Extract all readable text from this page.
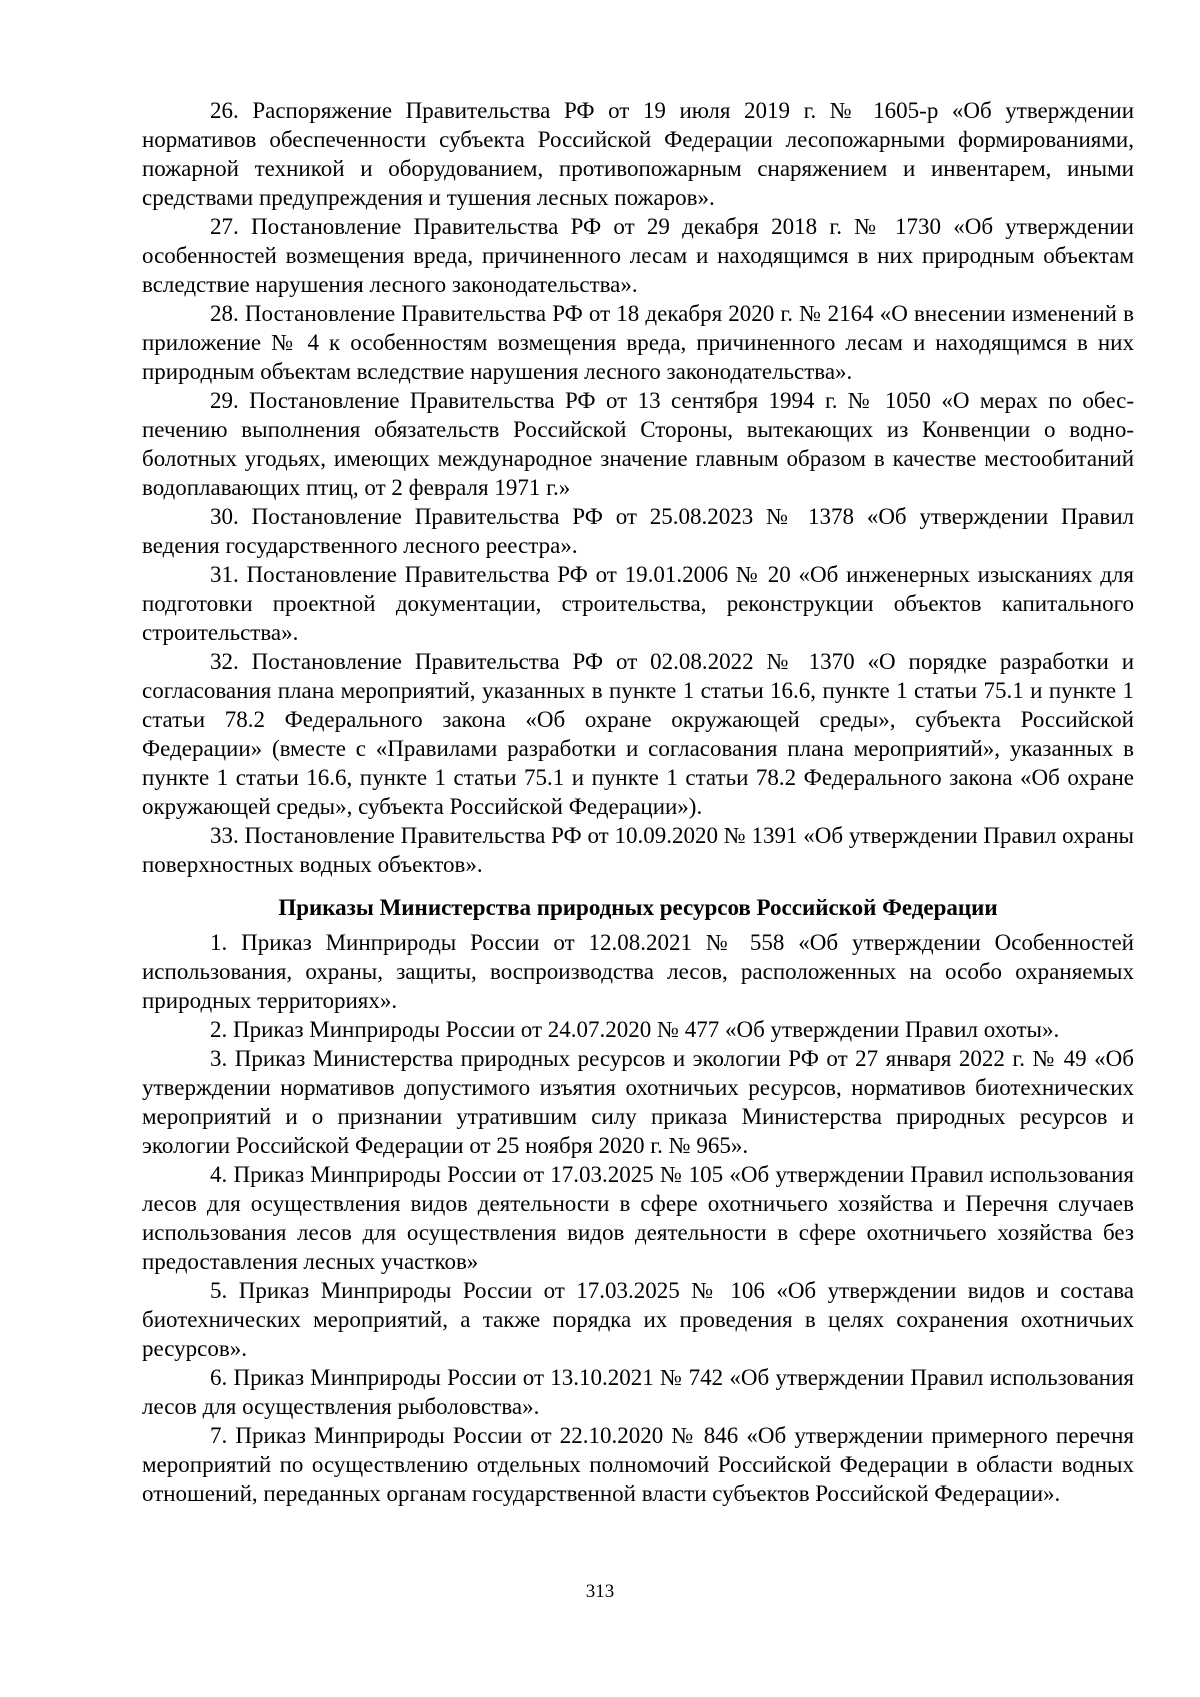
26. Распоряжение Правительства РФ от 19 июля 2019 г. № 1605-р «Об утверждении нормативов обеспеченности субъекта Российской Федерации лесопожарными формированиями, пожарной техникой и оборудованием, противопожарным снаряжением и инвентарем, иными средствами предупреждения и тушения лесных пожаров».

27. Постановление Правительства РФ от 29 декабря 2018 г. № 1730 «Об утверждении особенностей возмещения вреда, причиненного лесам и находящимся в них природным объектам вследствие нарушения лесного законодательства».

28. Постановление Правительства РФ от 18 декабря 2020 г. № 2164 «О внесении изменений в приложение № 4 к особенностям возмещения вреда, причиненного лесам и находящимся в них природным объектам вследствие нарушения лесного законодательства».

29. Постановление Правительства РФ от 13 сентября 1994 г. № 1050 «О мерах по обеспечению выполнения обязательств Российской Стороны, вытекающих из Конвенции о водноболотных угодьях, имеющих международное значение главным образом в качестве местообитаний водоплавающих птиц, от 2 февраля 1971 г.»

30. Постановление Правительства РФ от 25.08.2023 № 1378 «Об утверждении Правил ведения государственного лесного реестра».

31. Постановление Правительства РФ от 19.01.2006 № 20 «Об инженерных изысканиях для подготовки проектной документации, строительства, реконструкции объектов капитального строительства».

32. Постановление Правительства РФ от 02.08.2022 № 1370 «О порядке разработки и согласования плана мероприятий, указанных в пункте 1 статьи 16.6, пункте 1 статьи 75.1 и пункте 1 статьи 78.2 Федерального закона «Об охране окружающей среды», субъекта Российской Федерации» (вместе с «Правилами разработки и согласования плана мероприятий», указанных в пункте 1 статьи 16.6, пункте 1 статьи 75.1 и пункте 1 статьи 78.2 Федерального закона «Об охране окружающей среды», субъекта Российской Федерации»).

33. Постановление Правительства РФ от 10.09.2020 № 1391 «Об утверждении Правил охраны поверхностных водных объектов».

Приказы Министерства природных ресурсов Российской Федерации

1. Приказ Минприроды России от 12.08.2021 № 558 «Об утверждении Особенностей использования, охраны, защиты, воспроизводства лесов, расположенных на особо охраняемых природных территориях».

2. Приказ Минприроды России от 24.07.2020 № 477 «Об утверждении Правил охоты».

3. Приказ Министерства природных ресурсов и экологии РФ от 27 января 2022 г. № 49 «Об утверждении нормативов допустимого изъятия охотничьих ресурсов, нормативов биотехнических мероприятий и о признании утратившим силу приказа Министерства природных ресурсов и экологии Российской Федерации от 25 ноября 2020 г. № 965».

4. Приказ Минприроды России от 17.03.2025 № 105 «Об утверждении Правил использования лесов для осуществления видов деятельности в сфере охотничьего хозяйства и Перечня случаев использования лесов для осуществления видов деятельности в сфере охотничьего хозяйства без предоставления лесных участков»

5. Приказ Минприроды России от 17.03.2025 № 106 «Об утверждении видов и состава биотехнических мероприятий, а также порядка их проведения в целях сохранения охотничьих ресурсов».

6. Приказ Минприроды России от 13.10.2021 № 742 «Об утверждении Правил использования лесов для осуществления рыболовства».

7. Приказ Минприроды России от 22.10.2020 № 846 «Об утверждении примерного перечня мероприятий по осуществлению отдельных полномочий Российской Федерации в области водных отношений, переданных органам государственной власти субъектов Российской Федерации».

313
